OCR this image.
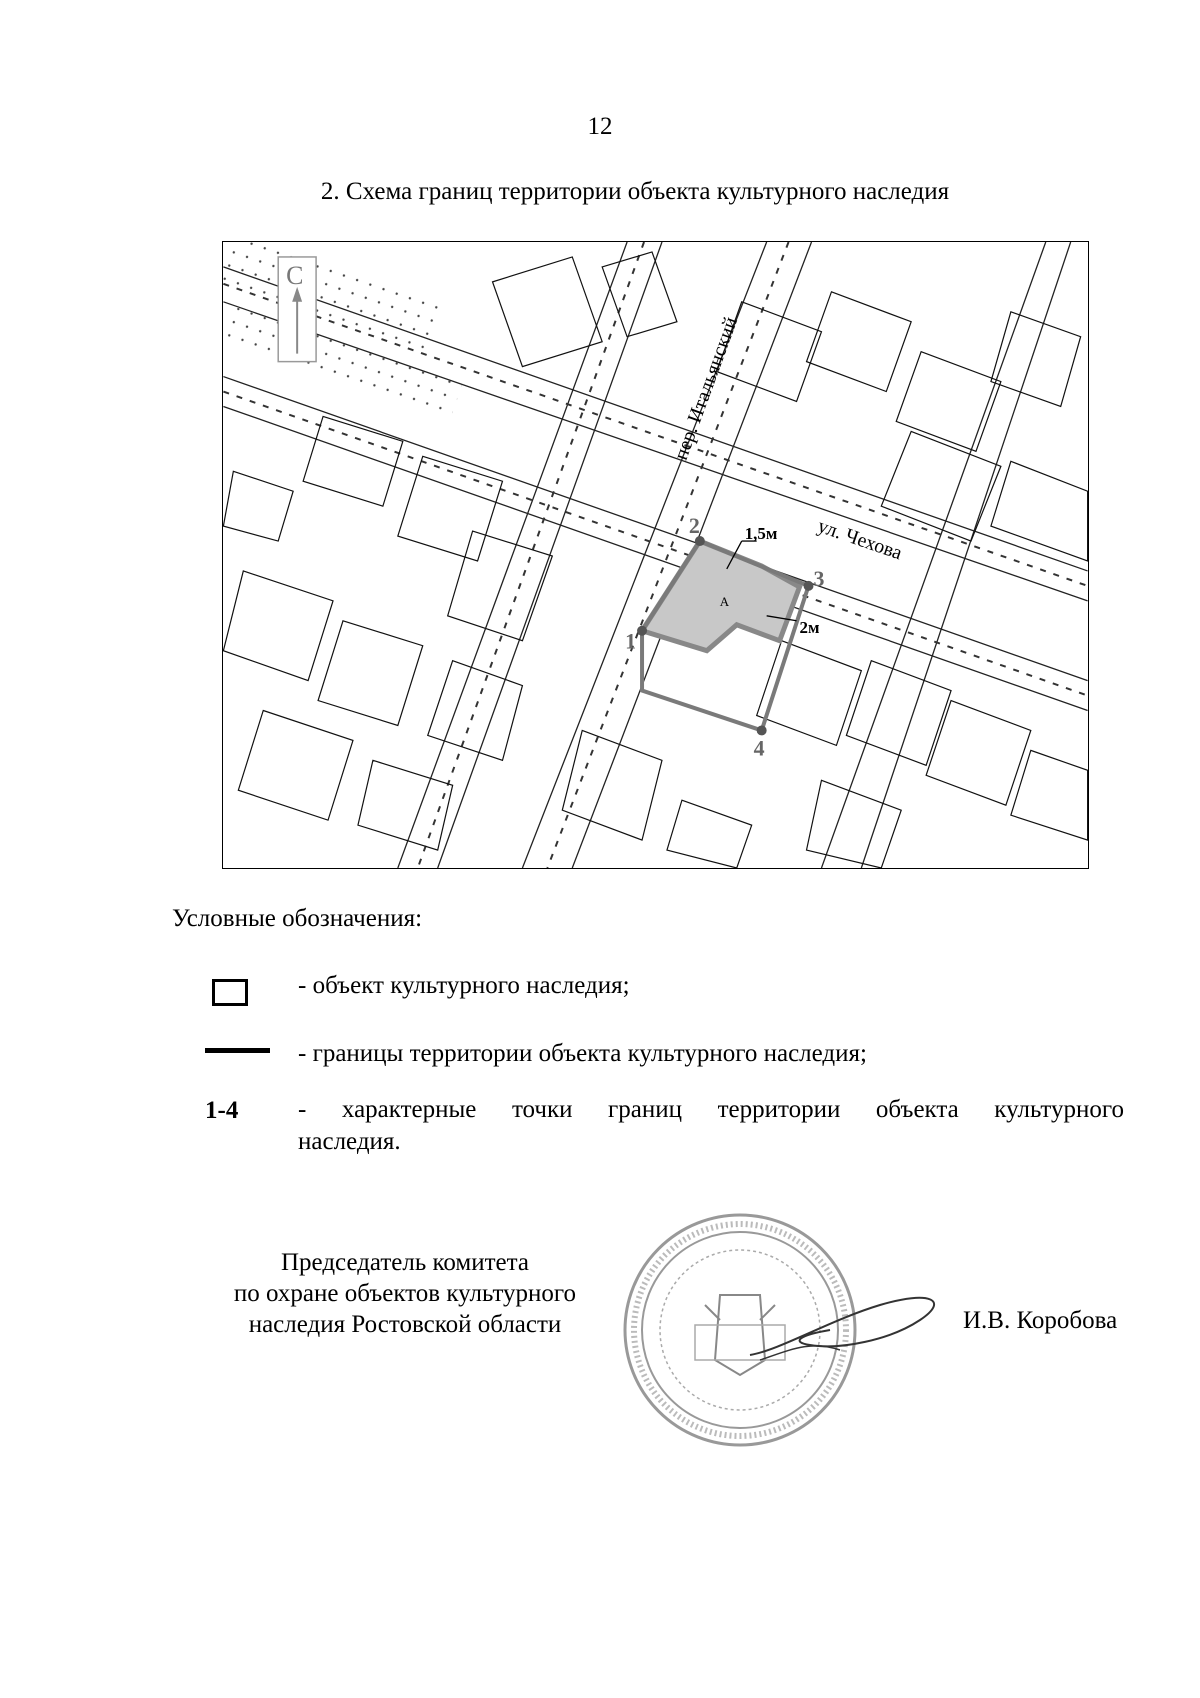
12
2. Схема границ территории объекта культурного наследия
1
2
3
4
1,5м
2м
А
ул. Чехова
пер. Итальянский
С
Условные обозначения:
- объект культурного наследия;
- границы территории объекта культурного наследия;
1-4 - характерные точки границ территории объекта культурного
наследия.
Председатель комитета
по охране объектов культурного
наследия Ростовской области	И.В. Коробова
